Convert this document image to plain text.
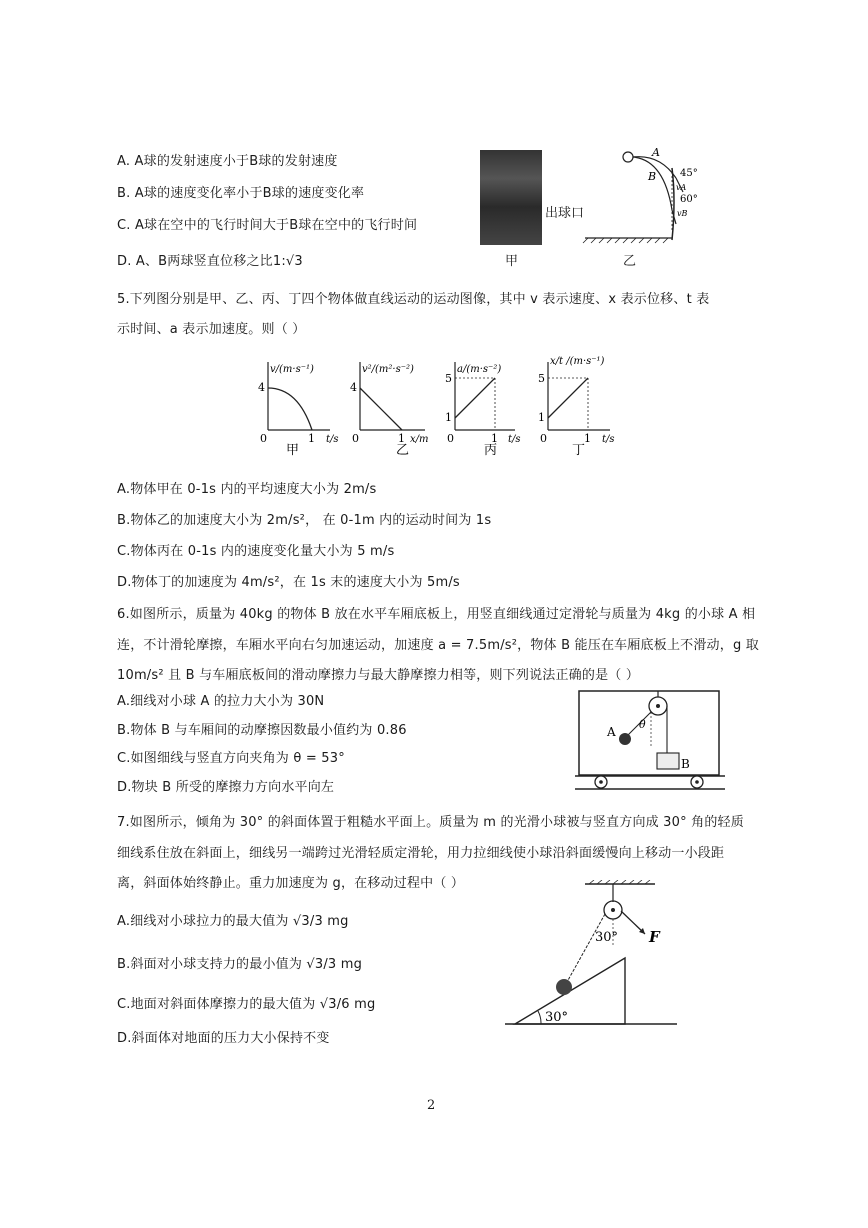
A. A球的发射速度小于B球的发射速度
B. A球的速度变化率小于B球的速度变化率
C. A球在空中的飞行时间大于B球在空中的飞行时间
D. A、B两球竖直位移之比1:√3
出球口
甲
A
B 45°
60°
vA
vB
乙
5.下列图分别是甲、乙、丙、丁四个物体做直线运动的运动图像，其中 v 表示速度、x 表示位移、t 表
示时间、a 表示加速度。则（ ）
4
0	1
v/(m·s⁻¹)
t/s
甲
4
0	1
v²/(m²·s⁻²)
x/m
乙
5
1
0	1
a/(m·s⁻²)
t/s
丙
5
1
0	1
x/t /(m·s⁻¹)
t/s
丁
A.物体甲在 0-1s 内的平均速度大小为 2m/s
B.物体乙的加速度大小为 2m/s²， 在 0-1m 内的运动时间为 1s
C.物体丙在 0-1s 内的速度变化量大小为 5 m/s
D.物体丁的加速度为 4m/s²，在 1s 末的速度大小为 5m/s
6.如图所示，质量为 40kg 的物体 B 放在水平车厢底板上，用竖直细线通过定滑轮与质量为 4kg 的小球 A 相
连，不计滑轮摩擦，车厢水平向右匀加速运动，加速度 a = 7.5m/s²，物体 B 能压在车厢底板上不滑动，g 取
10m/s² 且 B 与车厢底板间的滑动摩擦力与最大静摩擦力相等，则下列说法正确的是（ ）
A.细线对小球 A 的拉力大小为 30N
B.物体 B 与车厢间的动摩擦因数最小值约为 0.86
C.如图细线与竖直方向夹角为 θ = 53°
D.物块 B 所受的摩擦力方向水平向左
A
B
θ
7.如图所示，倾角为 30° 的斜面体置于粗糙水平面上。质量为 m 的光滑小球被与竖直方向成 30° 角的轻质
细线系住放在斜面上，细线另一端跨过光滑轻质定滑轮，用力拉细线使小球沿斜面缓慢向上移动一小段距
离，斜面体始终静止。重力加速度为 g，在移动过程中（ ）
A.细线对小球拉力的最大值为 √3/3 mg
B.斜面对小球支持力的最小值为 √3/3 mg
C.地面对斜面体摩擦力的最大值为 √3/6 mg
D.斜面体对地面的压力大小保持不变
30° F
30°
2
